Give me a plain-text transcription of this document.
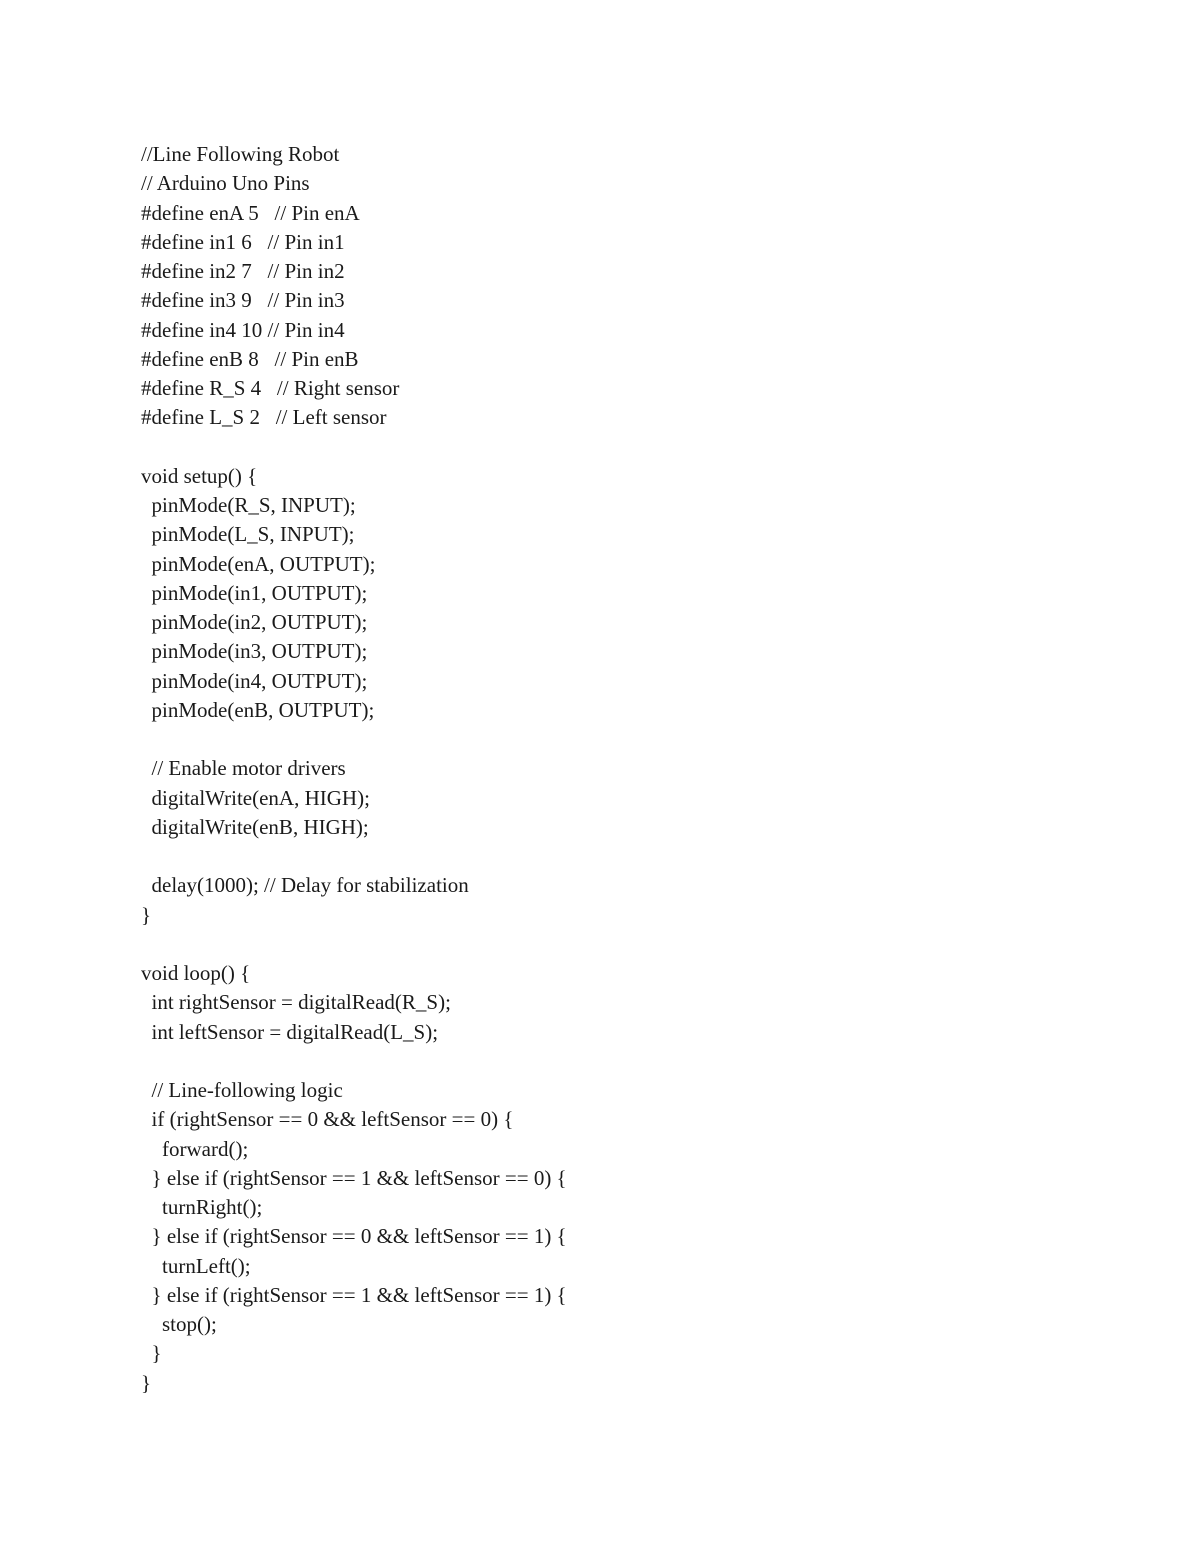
//Line Following Robot
// Arduino Uno Pins
#define enA 5   // Pin enA
#define in1 6   // Pin in1
#define in2 7   // Pin in2
#define in3 9   // Pin in3
#define in4 10 // Pin in4
#define enB 8   // Pin enB
#define R_S 4   // Right sensor
#define L_S 2   // Left sensor
void setup() {
pinMode(R_S, INPUT);
pinMode(L_S, INPUT);
pinMode(enA, OUTPUT);
pinMode(in1, OUTPUT);
pinMode(in2, OUTPUT);
pinMode(in3, OUTPUT);
pinMode(in4, OUTPUT);
pinMode(enB, OUTPUT);
// Enable motor drivers
digitalWrite(enA, HIGH);
digitalWrite(enB, HIGH);
delay(1000); // Delay for stabilization
}
void loop() {
int rightSensor = digitalRead(R_S);
int leftSensor = digitalRead(L_S);
// Line-following logic
if (rightSensor == 0 && leftSensor == 0) {
forward();
} else if (rightSensor == 1 && leftSensor == 0) {
turnRight();
} else if (rightSensor == 0 && leftSensor == 1) {
turnLeft();
} else if (rightSensor == 1 && leftSensor == 1) {
stop();
}
}
